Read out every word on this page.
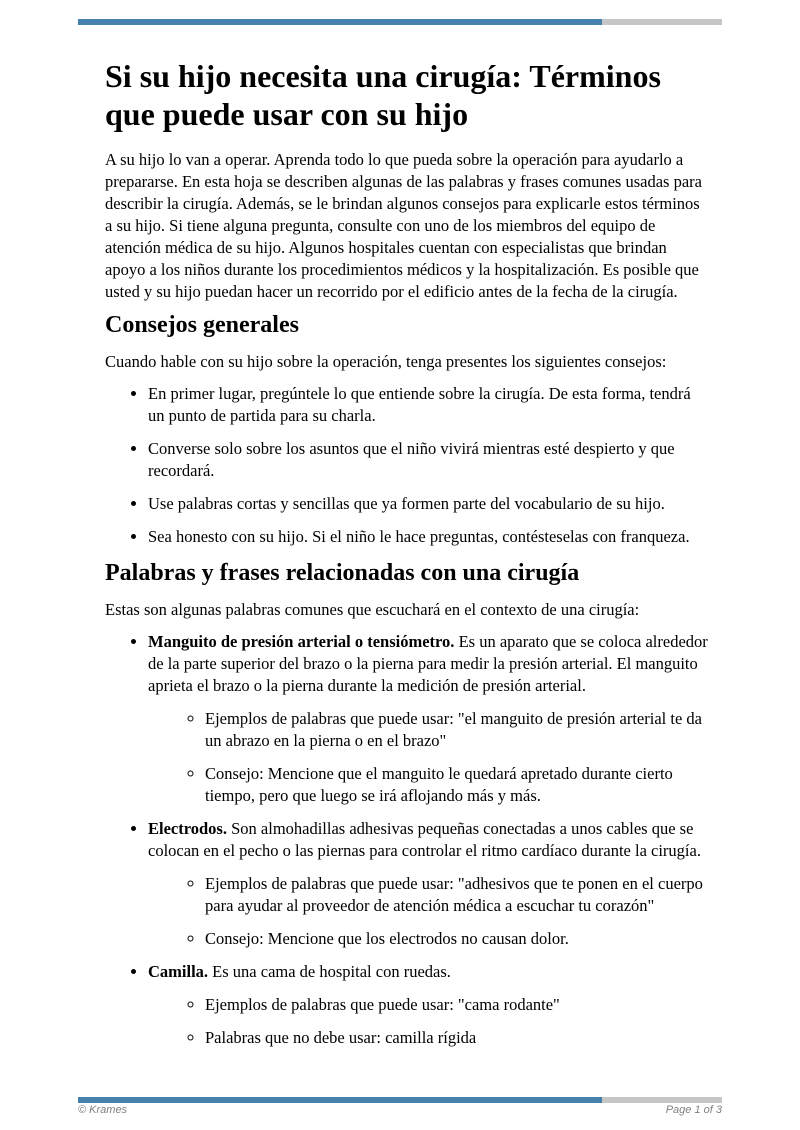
Si su hijo necesita una cirugía: Términos que puede usar con su hijo

A su hijo lo van a operar. Aprenda todo lo que pueda sobre la operación para ayudarlo a prepararse. En esta hoja se describen algunas de las palabras y frases comunes usadas para describir la cirugía. Además, se le brindan algunos consejos para explicarle estos términos a su hijo. Si tiene alguna pregunta, consulte con uno de los miembros del equipo de atención médica de su hijo. Algunos hospitales cuentan con especialistas que brindan apoyo a los niños durante los procedimientos médicos y la hospitalización. Es posible que usted y su hijo puedan hacer un recorrido por el edificio antes de la fecha de la cirugía.

Consejos generales

Cuando hable con su hijo sobre la operación, tenga presentes los siguientes consejos:

• En primer lugar, pregúntele lo que entiende sobre la cirugía. De esta forma, tendrá un punto de partida para su charla.
• Converse solo sobre los asuntos que el niño vivirá mientras esté despierto y que recordará.
• Use palabras cortas y sencillas que ya formen parte del vocabulario de su hijo.
• Sea honesto con su hijo. Si el niño le hace preguntas, contésteselas con franqueza.
Palabras y frases relacionadas con una cirugía

Estas son algunas palabras comunes que escuchará en el contexto de una cirugía:

• Manguito de presión arterial o tensiómetro. Es un aparato que se coloca alrededor de la parte superior del brazo o la pierna para medir la presión arterial. El manguito aprieta el brazo o la pierna durante la medición de presión arterial.
◦ Ejemplos de palabras que puede usar: "el manguito de presión arterial te da un abrazo en la pierna o en el brazo"
◦ Consejo: Mencione que el manguito le quedará apretado durante cierto tiempo, pero que luego se irá aflojando más y más.
• Electrodos. Son almohadillas adhesivas pequeñas conectadas a unos cables que se colocan en el pecho o las piernas para controlar el ritmo cardíaco durante la cirugía.
◦ Ejemplos de palabras que puede usar: "adhesivos que te ponen en el cuerpo para ayudar al proveedor de atención médica a escuchar tu corazón"
◦ Consejo: Mencione que los electrodos no causan dolor.
• Camilla. Es una cama de hospital con ruedas.
◦ Ejemplos de palabras que puede usar: "cama rodante"
◦ Palabras que no debe usar: camilla rígida
© Krames	Page 1 of 3
